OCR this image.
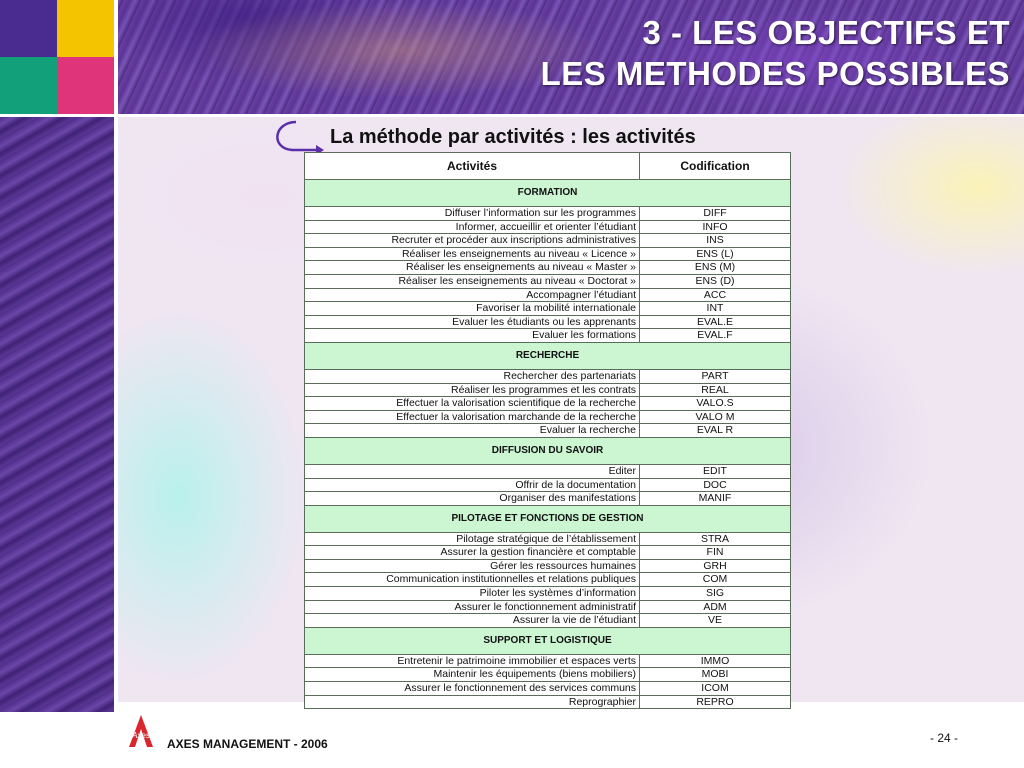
3 - LES OBJECTIFS ET
LES METHODES POSSIBLES
La méthode par activités : les activités
Activités	Codification
FORMATION	
Diffuser l’information sur les programmes	DIFF
Informer, accueillir et orienter l’étudiant	INFO
Recruter et procéder aux inscriptions administratives	INS
Réaliser les enseignements au niveau « Licence »	ENS (L)
Réaliser les enseignements au niveau « Master »	ENS (M)
Réaliser les enseignements au niveau « Doctorat »	ENS (D)
Accompagner l’étudiant	ACC
Favoriser la mobilité internationale	INT
Evaluer les étudiants ou les apprenants	EVAL.E
Evaluer les formations	EVAL.F
RECHERCHE	
Rechercher des partenariats	PART
Réaliser les programmes et les contrats	REAL
Effectuer la valorisation scientifique de la recherche	VALO.S
Effectuer la valorisation marchande de la recherche	VALO M
Evaluer la recherche	EVAL R
DIFFUSION DU SAVOIR	
Editer	EDIT
Offrir de la documentation	DOC
Organiser des manifestations	MANIF
PILOTAGE ET FONCTIONS DE GESTION	
Pilotage stratégique de l’établissement	STRA
Assurer la gestion financière et comptable	FIN
Gérer les ressources humaines	GRH
Communication institutionnelles et relations publiques	COM
Piloter les systèmes d’information	SIG
Assurer le fonctionnement administratif	ADM
Assurer la vie de l’étudiant	VE
SUPPORT ET LOGISTIQUE	
Entretenir le patrimoine immobilier et espaces verts	IMMO
Maintenir les équipements (biens mobiliers)	MOBI
Assurer le fonctionnement des services communs	ICOM
Reprographier	REPRO
Axes
AXES MANAGEMENT - 2006	- 24 -
